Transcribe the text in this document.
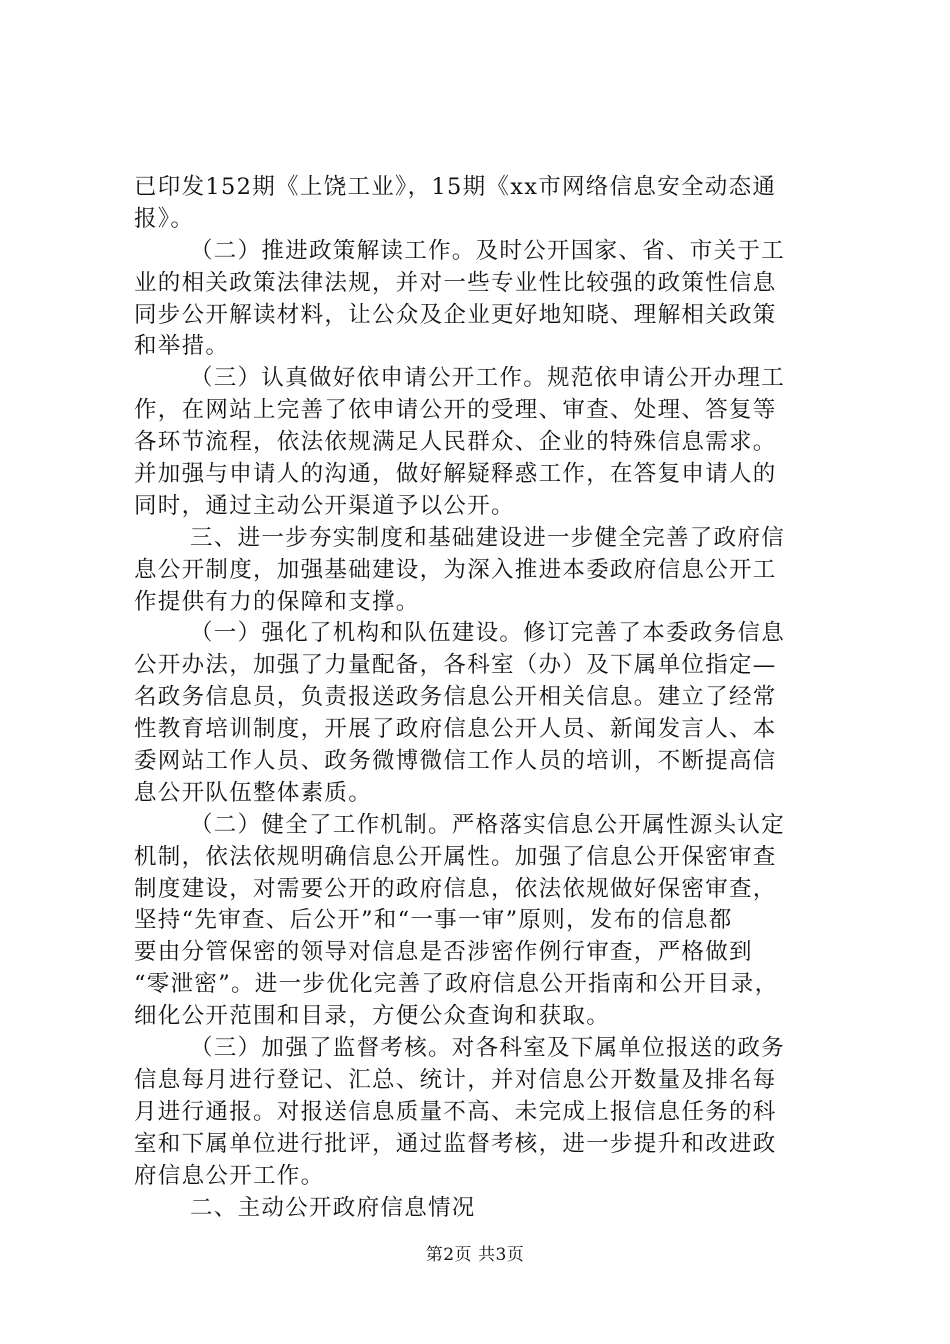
已印发152期《上饶工业》，15期《xx市网络信息安全动态通
报》。
（二）推进政策解读工作。及时公开国家、省、市关于工
业的相关政策法律法规，并对一些专业性比较强的政策性信息
同步公开解读材料，让公众及企业更好地知晓、理解相关政策
和举措。
（三）认真做好依申请公开工作。规范依申请公开办理工
作，在网站上完善了依申请公开的受理、审查、处理、答复等
各环节流程，依法依规满足人民群众、企业的特殊信息需求。
并加强与申请人的沟通，做好解疑释惑工作，在答复申请人的
同时，通过主动公开渠道予以公开。
三、进一步夯实制度和基础建设进一步健全完善了政府信
息公开制度，加强基础建设，为深入推进本委政府信息公开工
作提供有力的保障和支撑。
（一）强化了机构和队伍建设。修订完善了本委政务信息
公开办法，加强了力量配备，各科室（办）及下属单位指定—
名政务信息员，负责报送政务信息公开相关信息。建立了经常
性教育培训制度，开展了政府信息公开人员、新闻发言人、本
委网站工作人员、政务微博微信工作人员的培训，不断提高信
息公开队伍整体素质。
（二）健全了工作机制。严格落实信息公开属性源头认定
机制，依法依规明确信息公开属性。加强了信息公开保密审查
制度建设，对需要公开的政府信息，依法依规做好保密审查，
坚持“先审查、后公开”和“一事一审”原则，发布的信息都
要由分管保密的领导对信息是否涉密作例行审查，严格做到
“零泄密”。进一步优化完善了政府信息公开指南和公开目录，
细化公开范围和目录，方便公众查询和获取。
（三）加强了监督考核。对各科室及下属单位报送的政务
信息每月进行登记、汇总、统计，并对信息公开数量及排名每
月进行通报。对报送信息质量不高、未完成上报信息任务的科
室和下属单位进行批评，通过监督考核，进一步提升和改进政
府信息公开工作。
二、主动公开政府信息情况
第2页 共3页
